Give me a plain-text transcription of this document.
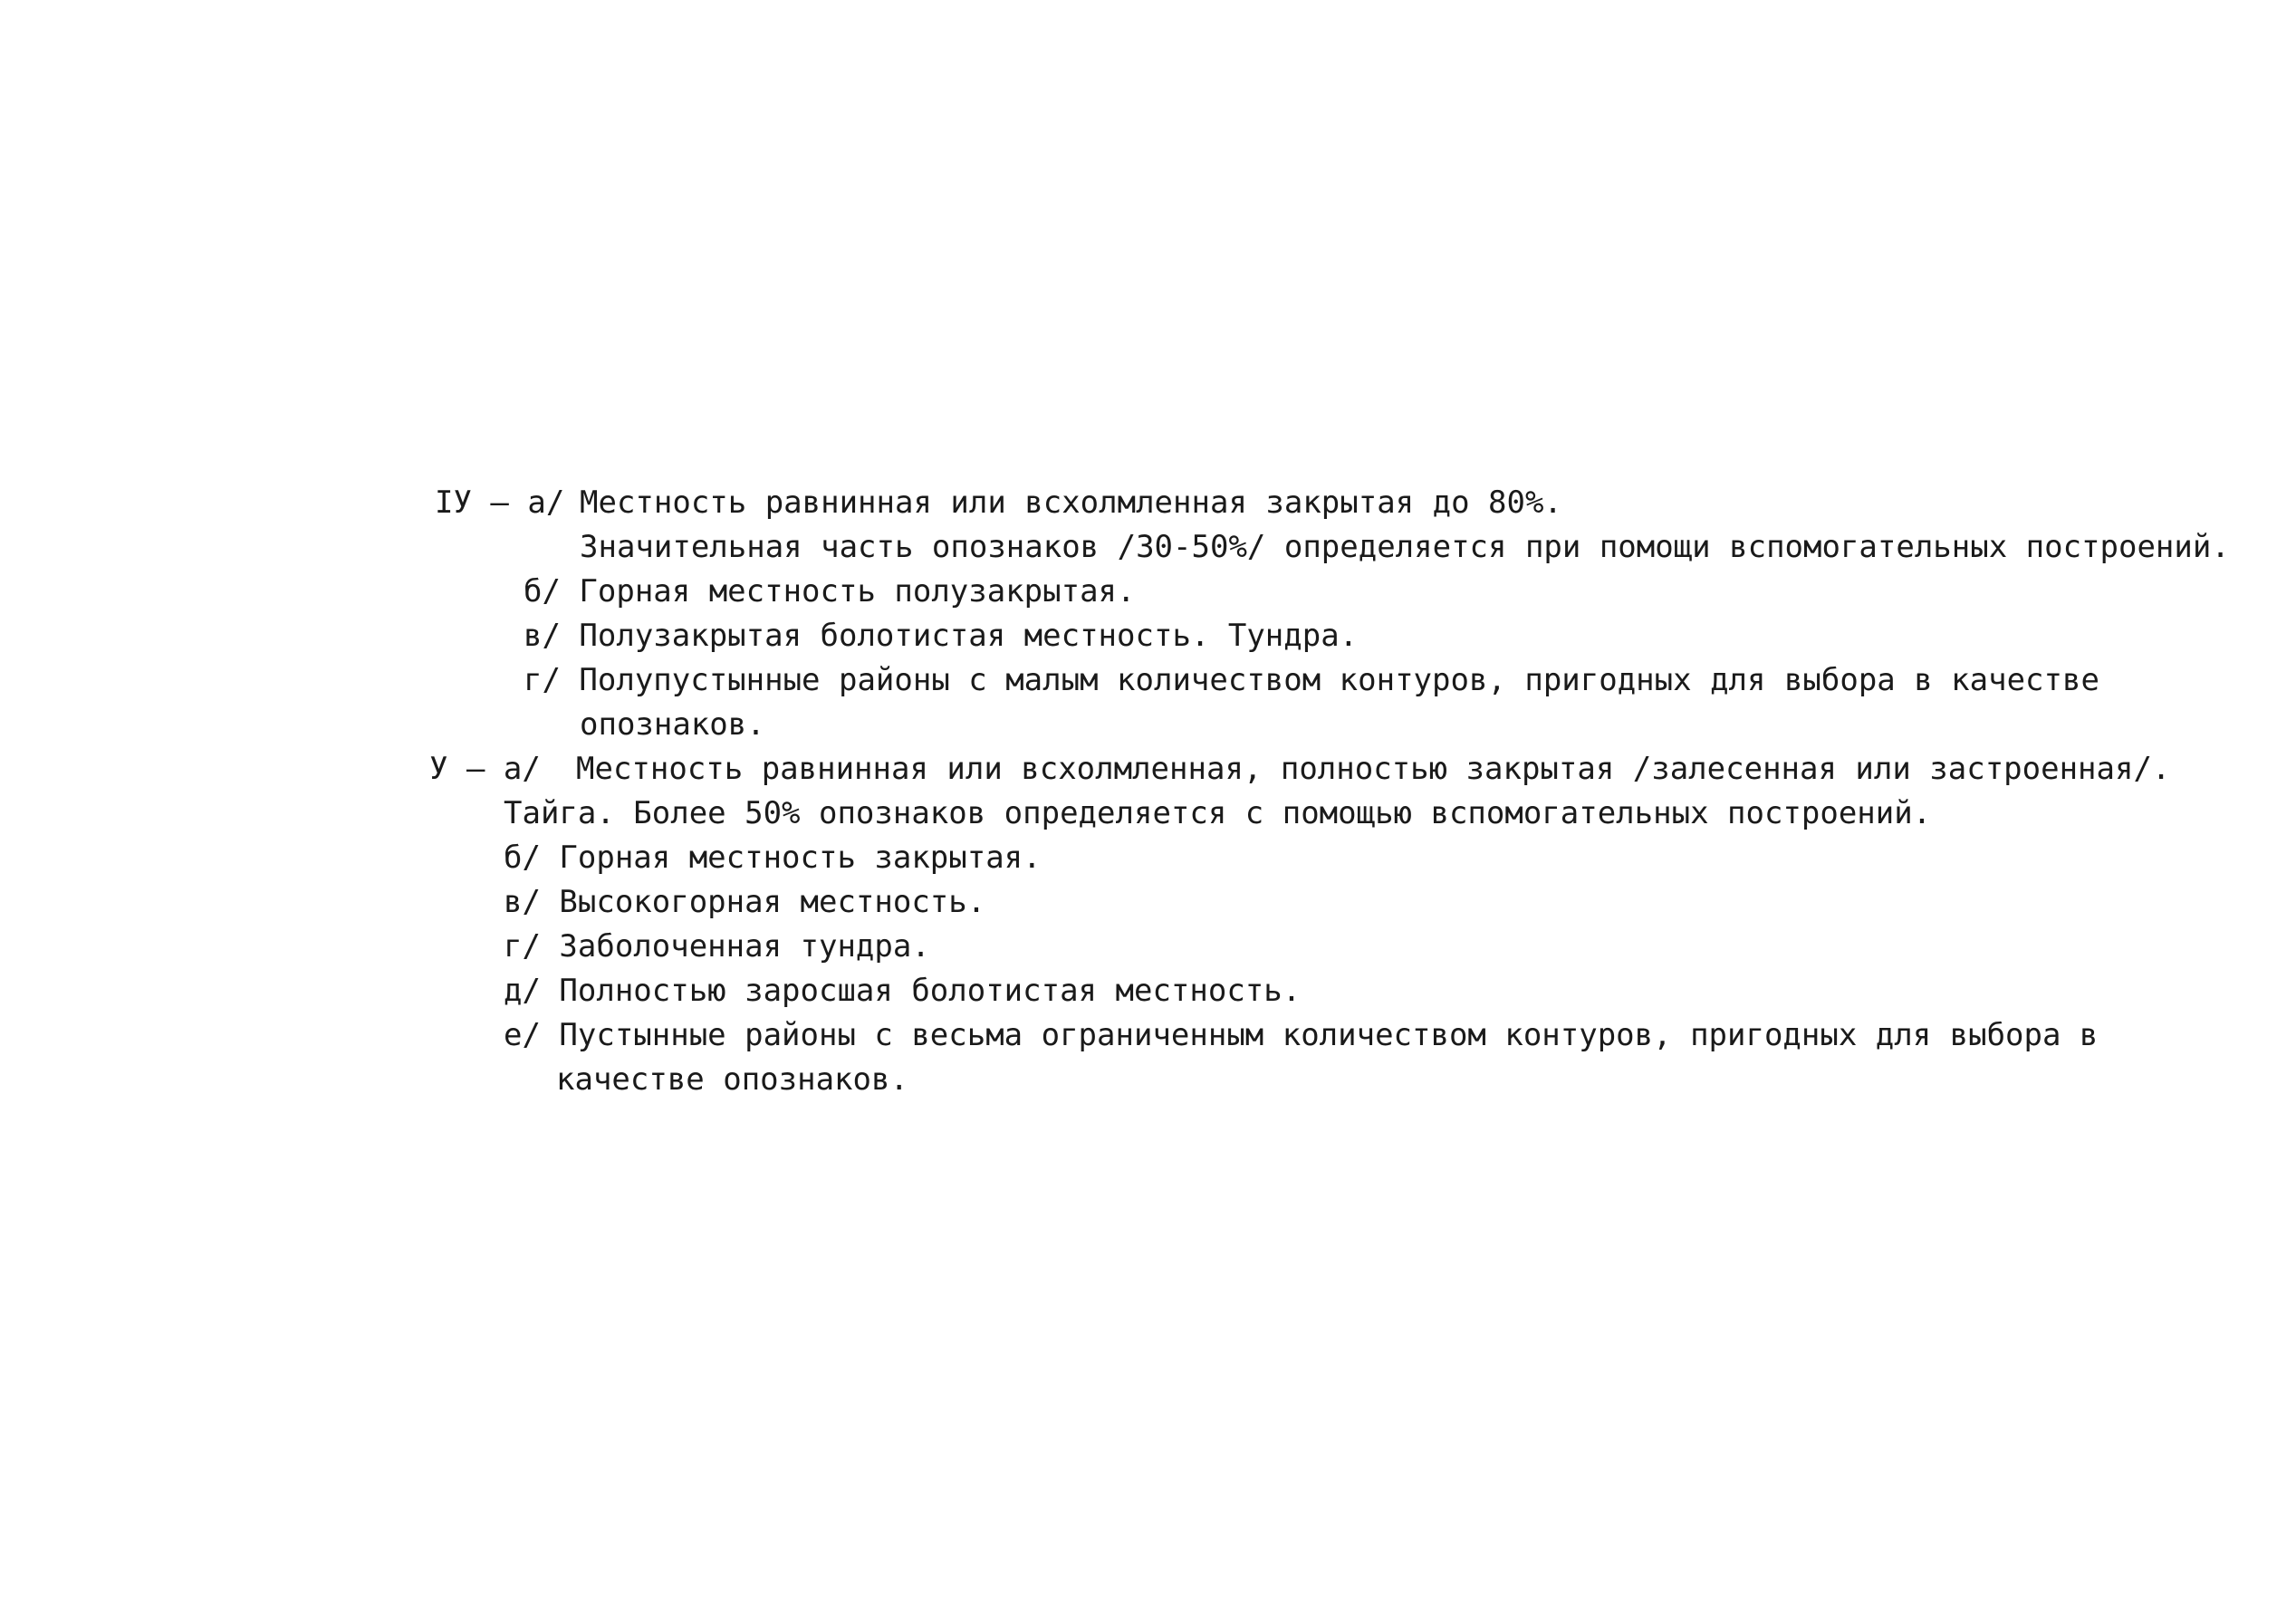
ІУ – а/ Местность равнинная или всхолмленная закрытая до 80%.
Значительная часть опознаков /30-50%/ определяется при помощи вспомогательных построений.
б/ Горная местность полузакрытая.
в/ Полузакрытая болотистая местность. Тундра.
г/ Полупустынные районы с малым количеством контуров, пригодных для выбора в качестве
опознаков.
У – а/ Местность равнинная или всхолмленная, полностью закрытая /залесенная или застроенная/.
Тайга. Более 50% опознаков определяется с помощью вспомогательных построений.
б/ Горная местность закрытая.
в/ Высокогорная местность.
г/ Заболоченная тундра.
д/ Полностью заросшая болотистая местность.
е/ Пустынные районы с весьма ограниченным количеством контуров, пригодных для выбора в
качестве опознаков.
